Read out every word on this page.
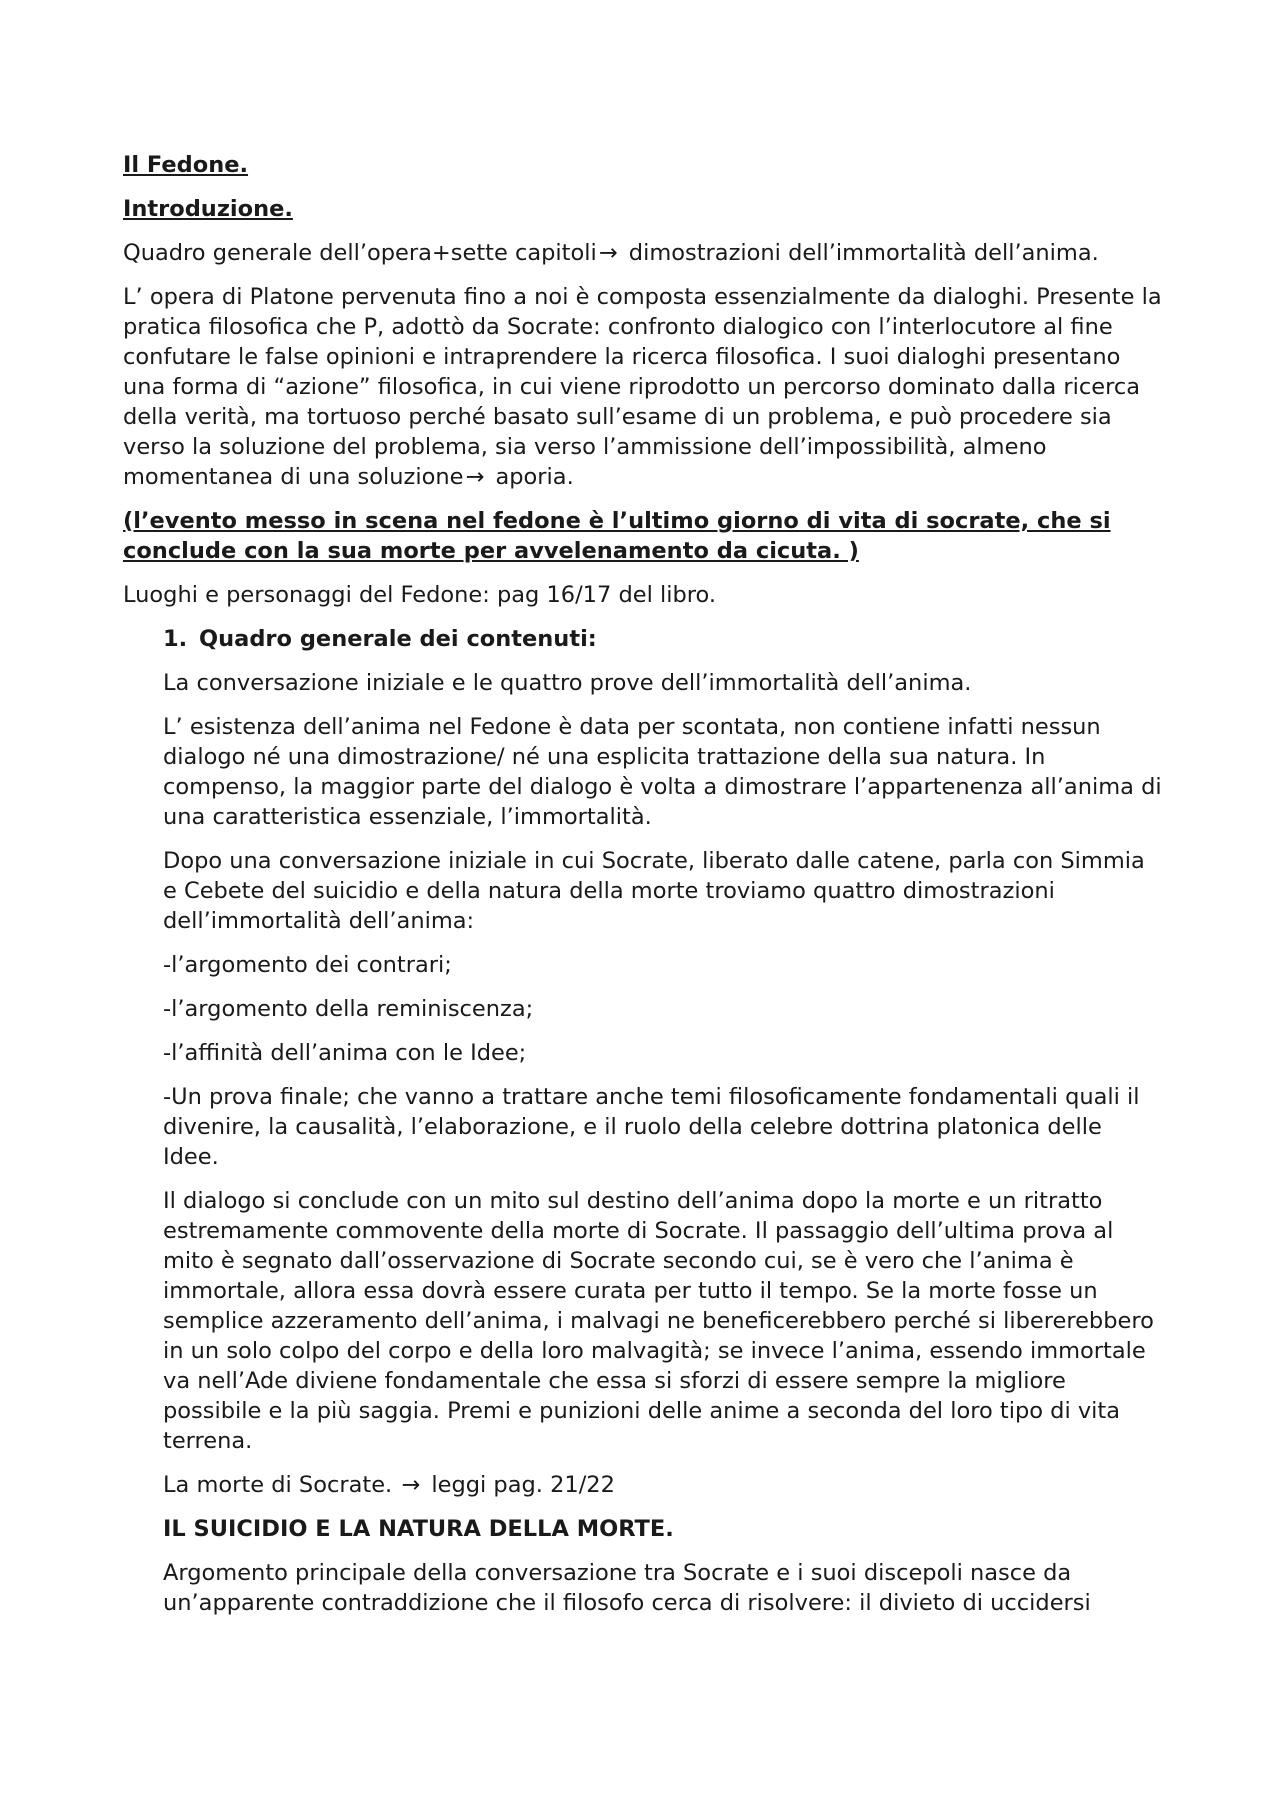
Il Fedone.

Introduzione.

Quadro generale dell’opera+sette capitoli→ dimostrazioni dell’immortalità dell’anima.

L’ opera di Platone pervenuta fino a noi è composta essenzialmente da dialoghi. Presente la pratica filosofica che P, adottò da Socrate: confronto dialogico con l’interlocutore al fine confutare le false opinioni e intraprendere la ricerca filosofica. I suoi dialoghi presentano una forma di “azione” filosofica, in cui viene riprodotto un percorso dominato dalla ricerca della verità, ma tortuoso perché basato sull’esame di un problema, e può procedere sia verso la soluzione del problema, sia verso l’ammissione dell’impossibilità, almeno momentanea di una soluzione→ aporia.

(l’evento messo in scena nel fedone è l’ultimo giorno di vita di socrate, che si conclude con la sua morte per avvelenamento da cicuta. )

Luoghi e personaggi del Fedone: pag 16/17 del libro.

1. Quadro generale dei contenuti:

La conversazione iniziale e le quattro prove dell’immortalità dell’anima.

L’ esistenza dell’anima nel Fedone è data per scontata, non contiene infatti nessun dialogo né una dimostrazione/ né una esplicita trattazione della sua natura. In compenso, la maggior parte del dialogo è volta a dimostrare l’appartenenza all’anima di una caratteristica essenziale, l’immortalità.

Dopo una conversazione iniziale in cui Socrate, liberato dalle catene, parla con Simmia e Cebete del suicidio e della natura della morte troviamo quattro dimostrazioni dell’immortalità dell’anima:

-l’argomento dei contrari;

-l’argomento della reminiscenza;

-l’affinità dell’anima con le Idee;

-Un prova finale; che vanno a trattare anche temi filosoficamente fondamentali quali il divenire, la causalità, l’elaborazione, e il ruolo della celebre dottrina platonica delle Idee.

Il dialogo si conclude con un mito sul destino dell’anima dopo la morte e un ritratto estremamente commovente della morte di Socrate. Il passaggio dell’ultima prova al mito è segnato dall’osservazione di Socrate secondo cui, se è vero che l’anima è immortale, allora essa dovrà essere curata per tutto il tempo. Se la morte fosse un semplice azzeramento dell’anima, i malvagi ne beneficerebbero perché si libererebbero in un solo colpo del corpo e della loro malvagità; se invece l’anima, essendo immortale va nell’Ade diviene fondamentale che essa si sforzi di essere sempre la migliore possibile e la più saggia. Premi e punizioni delle anime a seconda del loro tipo di vita terrena.

La morte di Socrate. → leggi pag. 21/22

IL SUICIDIO E LA NATURA DELLA MORTE.

Argomento principale della conversazione tra Socrate e i suoi discepoli nasce da un’apparente contraddizione che il filosofo cerca di risolvere: il divieto di uccidersi
